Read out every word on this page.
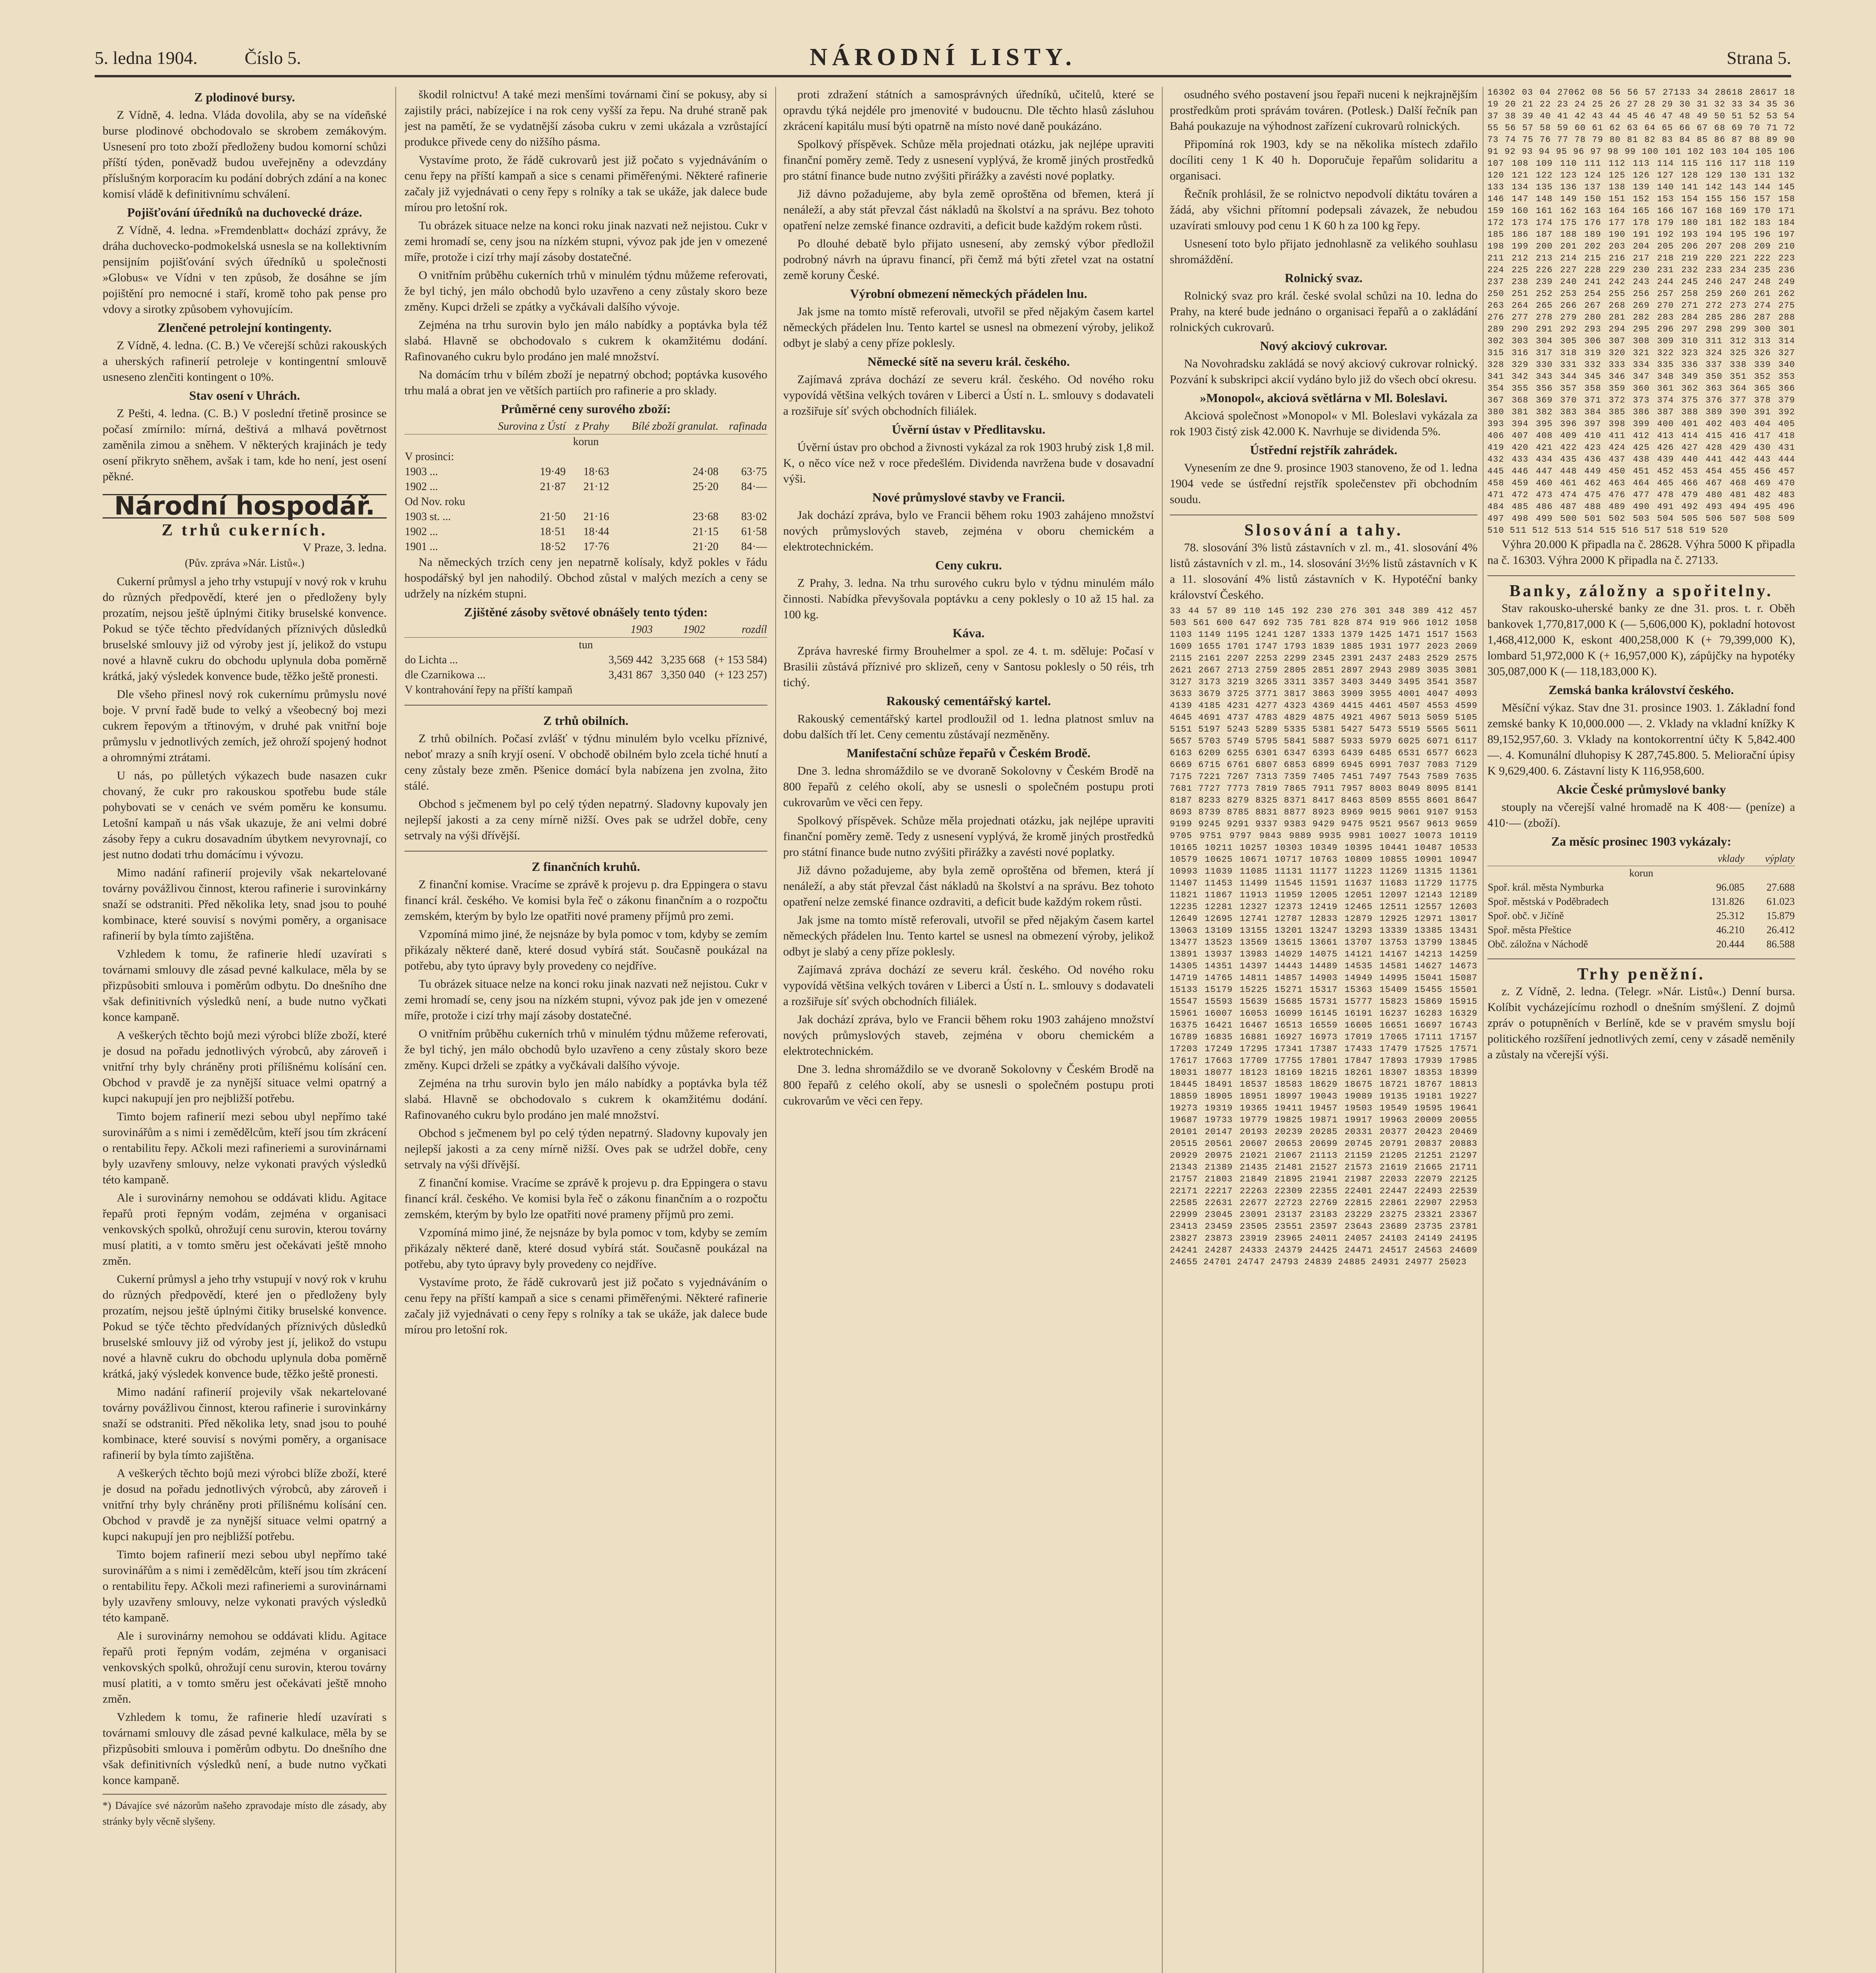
5. ledna 1904.	Číslo 5.	NÁRODNÍ LISTY.	Strana 5.
Z plodinové bursy.

Z Vídně, 4. ledna. Vláda dovolila, aby se na vídeňské burse plodinové obchodovalo se skrobem zemákovým. Usnesení pro toto zboží předloženy budou komorní schůzi příští týden, poněvadž budou uveřejněny a odevzdány příslušným korporacím ku podání dobrých zdání a na konec komisí vládě k definitivnímu schválení.

Pojišťování úředníků na duchovecké dráze.

Z Vídně, 4. ledna. »Fremdenblatt« dochází zprávy, že dráha duchovecko-podmokelská usnesla se na kollektivním pensijním pojišťování svých úředníků u společnosti »Globus« ve Vídni v ten způsob, že dosáhne se jím pojištění pro nemocné i staří, kromě toho pak pense pro vdovy a sirotky způsobem vyhovujícím.

Zlenčené petrolejní kontingenty.

Z Vídně, 4. ledna. (C. B.) Ve včerejší schůzi rakouských a uherských rafinerií petroleje v kontingentní smlouvě usneseno zlenčiti kontingent o 10%.

Stav osení v Uhrách.

Z Pešti, 4. ledna. (C. B.) V poslední třetině prosince se počasí zmírnilo: mírná, deštivá a mlhavá povětrnost zaměnila zimou a sněhem. V některých krajinách je tedy osení přikryto sněhem, avšak i tam, kde ho není, jest osení pěkné.

Národní hospodář.
Z trhů cukerních.
V Praze, 3. ledna.
(Pův. zpráva »Nár. Listů«.)

Cukerní průmysl a jeho trhy vstupují v nový rok v kruhu do různých předpovědí, které jen o předloženy byly prozatím, nejsou ještě úplnými čitiky bruselské konvence. Pokud se týče těchto předvídaných příznivých důsledků bruselské smlouvy již od výroby jest jí, jelikož do vstupu nové a hlavně cukru do obchodu uplynula doba poměrně krátká, jaký výsledek konvence bude, těžko ještě pronesti.

Dle všeho přinesl nový rok cukernímu průmyslu nové boje. V první řadě bude to velký a všeobecný boj mezi cukrem řepovým a třtinovým, v druhé pak vnitřní boje průmyslu v jednotlivých zemích, jež ohroží spojený hodnot a ohromnými ztrátami.

U nás, po půlletých výkazech bude nasazen cukr chovaný, že cukr pro rakouskou spotřebu bude stále pohybovati se v cenách ve svém poměru ke konsumu. Letošní kampaň u nás však ukazuje, že ani velmi dobré zásoby řepy a cukru dosavadním úbytkem nevyrovnají, co jest nutno dodati trhu domácímu i vývozu.

Mimo nadání rafinerií projevily však nekartelované továrny povážlivou činnost, kterou rafinerie i surovinkárny snaží se odstraniti. Před několika lety, snad jsou to pouhé kombinace, které souvisí s novými poměry, a organisace rafinerií by byla tímto zajištěna.

Vzhledem k tomu, že rafinerie hledí uzavírati s továrnami smlouvy dle zásad pevné kalkulace, měla by se přizpůsobiti smlouva i poměrům odbytu. Do dnešního dne však definitivních výsledků není, a bude nutno vyčkati konce kampaně.

A veškerých těchto bojů mezi výrobci blíže zboží, které je dosud na pořadu jednotlivých výrobců, aby zároveň i vnitřní trhy byly chráněny proti přílišnému kolísání cen. Obchod v pravdě je za nynější situace velmi opatrný a kupci nakupují jen pro nejbližší potřebu.

Timto bojem rafinerií mezi sebou ubyl nepřímo také surovinářům a s nimi i zemědělcům, kteří jsou tím zkrácení o rentabilitu řepy. Ačkoli mezi rafineriemi a surovinárnami byly uzavřeny smlouvy, nelze vykonati pravých výsledků této kampaně.

Ale i surovinárny nemohou se oddávati klidu. Agitace řepařů proti řepným vodám, zejména v organisaci venkovských spolků, ohrožují cenu surovin, kterou továrny musí platiti, a v tomto směru jest očekávati ještě mnoho změn.

Cukerní průmysl a jeho trhy vstupují v nový rok v kruhu do různých předpovědí, které jen o předloženy byly prozatím, nejsou ještě úplnými čitiky bruselské konvence. Pokud se týče těchto předvídaných příznivých důsledků bruselské smlouvy již od výroby jest jí, jelikož do vstupu nové a hlavně cukru do obchodu uplynula doba poměrně krátká, jaký výsledek konvence bude, těžko ještě pronesti.

Mimo nadání rafinerií projevily však nekartelované továrny povážlivou činnost, kterou rafinerie i surovinkárny snaží se odstraniti. Před několika lety, snad jsou to pouhé kombinace, které souvisí s novými poměry, a organisace rafinerií by byla tímto zajištěna.

A veškerých těchto bojů mezi výrobci blíže zboží, které je dosud na pořadu jednotlivých výrobců, aby zároveň i vnitřní trhy byly chráněny proti přílišnému kolísání cen. Obchod v pravdě je za nynější situace velmi opatrný a kupci nakupují jen pro nejbližší potřebu.

Timto bojem rafinerií mezi sebou ubyl nepřímo také surovinářům a s nimi i zemědělcům, kteří jsou tím zkrácení o rentabilitu řepy. Ačkoli mezi rafineriemi a surovinárnami byly uzavřeny smlouvy, nelze vykonati pravých výsledků této kampaně.

Ale i surovinárny nemohou se oddávati klidu. Agitace řepařů proti řepným vodám, zejména v organisaci venkovských spolků, ohrožují cenu surovin, kterou továrny musí platiti, a v tomto směru jest očekávati ještě mnoho změn.

Vzhledem k tomu, že rafinerie hledí uzavírati s továrnami smlouvy dle zásad pevné kalkulace, měla by se přizpůsobiti smlouva i poměrům odbytu. Do dnešního dne však definitivních výsledků není, a bude nutno vyčkati konce kampaně.

*) Dávajíce své názorům našeho zpravodaje místo dle zásady, aby stránky byly věcně slyšeny.

škodil rolnictvu! A také mezi menšími továrnami činí se pokusy, aby si zajistily práci, nabízejíce i na rok ceny vyšší za řepu. Na druhé straně pak jest na pamětí, že se vydatnější zásoba cukru v zemi ukázala a vzrůstající produkce přivede ceny do nižšího pásma.

Vystavíme proto, že řádě cukrovarů jest již počato s vyjednáváním o cenu řepy na příští kampaň a sice s cenami přiměřenými. Některé rafinerie začaly již vyjednávati o ceny řepy s rolníky a tak se ukáže, jak dalece bude mírou pro letošní rok.

Tu obrázek situace nelze na konci roku jinak nazvati než nejistou. Cukr v zemi hromadí se, ceny jsou na nízkém stupni, vývoz pak jde jen v omezené míře, protože i cizí trhy mají zásoby dostatečné.

O vnitřním průběhu cukerních trhů v minulém týdnu můžeme referovati, že byl tichý, jen málo obchodů bylo uzavřeno a ceny zůstaly skoro beze změny. Kupci drželi se zpátky a vyčkávali dalšího vývoje.

Zejména na trhu surovin bylo jen málo nabídky a poptávka byla též slabá. Hlavně se obchodovalo s cukrem k okamžitému dodání. Rafinovaného cukru bylo prodáno jen malé množství.

Na domácím trhu v bílém zboží je nepatrný obchod; poptávka kusového trhu malá a obrat jen ve větších partiích pro rafinerie a pro sklady.

Průměrné ceny surového zboží:
	Surovina z Ústí	z Prahy	Bílé zboží granulat.	rafinada
korun				
V prosinci:				
1903 ...	19·49	18·63	24·08	63·75
1902 ...	21·87	21·12	25·20	84·—
Od Nov. roku				
1903 st. ...	21·50	21·16	23·68	83·02
1902 ...	18·51	18·44	21·15	61·58
1901 ...	18·52	17·76	21·20	84·—

Na německých trzích ceny jen nepatrně kolísaly, když pokles v řádu hospodářský byl jen nahodilý. Obchod zůstal v malých mezích a ceny se udržely na nízkém stupni.

Zjištěné zásoby světové obnášely tento týden:
	1903	1902	rozdíl
tun			
do Lichta ...	3,569 442	3,235 668	(+ 153 584)
dle Czarnikowa ...	3,431 867	3,350 040	(+ 123 257)
V kontrahování řepy na příští kampaň			
Z trhů obilních.

Z trhů obilních. Počasí zvlášť v týdnu minulém bylo vcelku příznivé, neboť mrazy a sníh kryjí osení. V obchodě obilném bylo zcela tiché hnutí a ceny zůstaly beze změn. Pšenice domácí byla nabízena jen zvolna, žito stálé.

Obchod s ječmenem byl po celý týden nepatrný. Sladovny kupovaly jen nejlepší jakosti a za ceny mírně nižší. Oves pak se udržel dobře, ceny setrvaly na výši dřívější.

Z finančních kruhů.

Z finanční komise. Vracíme se zprávě k projevu p. dra Eppingera o stavu financí král. českého. Ve komisi byla řeč o zákonu finančním a o rozpočtu zemském, kterým by bylo lze opatřiti nové prameny příjmů pro zemi.

Vzpomíná mimo jiné, že nejsnáze by byla pomoc v tom, kdyby se zemím přikázaly některé daně, které dosud vybírá stát. Současně poukázal na potřebu, aby tyto úpravy byly provedeny co nejdříve.

Tu obrázek situace nelze na konci roku jinak nazvati než nejistou. Cukr v zemi hromadí se, ceny jsou na nízkém stupni, vývoz pak jde jen v omezené míře, protože i cizí trhy mají zásoby dostatečné.

O vnitřním průběhu cukerních trhů v minulém týdnu můžeme referovati, že byl tichý, jen málo obchodů bylo uzavřeno a ceny zůstaly skoro beze změny. Kupci drželi se zpátky a vyčkávali dalšího vývoje.

Zejména na trhu surovin bylo jen málo nabídky a poptávka byla též slabá. Hlavně se obchodovalo s cukrem k okamžitému dodání. Rafinovaného cukru bylo prodáno jen malé množství.

Obchod s ječmenem byl po celý týden nepatrný. Sladovny kupovaly jen nejlepší jakosti a za ceny mírně nižší. Oves pak se udržel dobře, ceny setrvaly na výši dřívější.

Z finanční komise. Vracíme se zprávě k projevu p. dra Eppingera o stavu financí král. českého. Ve komisi byla řeč o zákonu finančním a o rozpočtu zemském, kterým by bylo lze opatřiti nové prameny příjmů pro zemi.

Vzpomíná mimo jiné, že nejsnáze by byla pomoc v tom, kdyby se zemím přikázaly některé daně, které dosud vybírá stát. Současně poukázal na potřebu, aby tyto úpravy byly provedeny co nejdříve.

Vystavíme proto, že řádě cukrovarů jest již počato s vyjednáváním o cenu řepy na příští kampaň a sice s cenami přiměřenými. Některé rafinerie začaly již vyjednávati o ceny řepy s rolníky a tak se ukáže, jak dalece bude mírou pro letošní rok.

proti zdražení státních a samosprávných úředníků, učitelů, které se opravdu týká nejdéle pro jmenovité v budoucnu. Dle těchto hlasů zásluhou zkrácení kapitálu musí býti opatrně na místo nové daně poukázáno.

Spolkový příspěvek. Schůze měla projednati otázku, jak nejlépe upraviti finanční poměry země. Tedy z usnesení vyplývá, že kromě jiných prostředků pro státní finance bude nutno zvýšiti přirážky a zavésti nové poplatky.

Již dávno požadujeme, aby byla země oproštěna od břemen, která jí nenáleží, a aby stát převzal část nákladů na školství a na správu. Bez tohoto opatření nelze zemské finance ozdraviti, a deficit bude každým rokem růsti.

Po dlouhé debatě bylo přijato usnesení, aby zemský výbor předložil podrobný návrh na úpravu financí, při čemž má býti zřetel vzat na ostatní země koruny České.

Výrobní obmezení německých přádelen lnu.

Jak jsme na tomto místě referovali, utvořil se před nějakým časem kartel německých přádelen lnu. Tento kartel se usnesl na obmezení výroby, jelikož odbyt je slabý a ceny příze poklesly.

Německé sítě na severu král. českého.

Zajímavá zpráva dochází ze severu král. českého. Od nového roku vypovídá většina velkých továren v Liberci a Ústí n. L. smlouvy s dodavateli a rozšiřuje síť svých obchodních filiálek.

Úvěrní ústav v Předlitavsku.

Úvěrní ústav pro obchod a živnosti vykázal za rok 1903 hrubý zisk 1,8 mil. K, o něco více než v roce předešlém. Dividenda navržena bude v dosavadní výši.

Nové průmyslové stavby ve Francii.

Jak dochází zpráva, bylo ve Francii během roku 1903 zahájeno množství nových průmyslových staveb, zejména v oboru chemickém a elektrotechnickém.

Ceny cukru.

Z Prahy, 3. ledna. Na trhu surového cukru bylo v týdnu minulém málo činnosti. Nabídka převyšovala poptávku a ceny poklesly o 10 až 15 hal. za 100 kg.

Káva.

Zpráva havreské firmy Brouhelmer a spol. ze 4. t. m. sděluje: Počasí v Brasilii zůstává příznivé pro sklizeň, ceny v Santosu poklesly o 50 réis, trh tichý.

Rakouský cementářský kartel.

Rakouský cementářský kartel prodloužil od 1. ledna platnost smluv na dobu dalších tří let. Ceny cementu zůstávají nezměněny.

Manifestační schůze řepařů v Českém Brodě.

Dne 3. ledna shromáždilo se ve dvoraně Sokolovny v Českém Brodě na 800 řepařů z celého okolí, aby se usnesli o společném postupu proti cukrovarům ve věci cen řepy.

Spolkový příspěvek. Schůze měla projednati otázku, jak nejlépe upraviti finanční poměry země. Tedy z usnesení vyplývá, že kromě jiných prostředků pro státní finance bude nutno zvýšiti přirážky a zavésti nové poplatky.

Již dávno požadujeme, aby byla země oproštěna od břemen, která jí nenáleží, a aby stát převzal část nákladů na školství a na správu. Bez tohoto opatření nelze zemské finance ozdraviti, a deficit bude každým rokem růsti.

Jak jsme na tomto místě referovali, utvořil se před nějakým časem kartel německých přádelen lnu. Tento kartel se usnesl na obmezení výroby, jelikož odbyt je slabý a ceny příze poklesly.

Zajímavá zpráva dochází ze severu král. českého. Od nového roku vypovídá většina velkých továren v Liberci a Ústí n. L. smlouvy s dodavateli a rozšiřuje síť svých obchodních filiálek.

Jak dochází zpráva, bylo ve Francii během roku 1903 zahájeno množství nových průmyslových staveb, zejména v oboru chemickém a elektrotechnickém.

Dne 3. ledna shromáždilo se ve dvoraně Sokolovny v Českém Brodě na 800 řepařů z celého okolí, aby se usnesli o společném postupu proti cukrovarům ve věci cen řepy.

osudného svého postavení jsou řepaři nuceni k nejkrajnějším prostředkům proti správám továren. (Potlesk.) Další řečník pan Bahá poukazuje na výhodnost zařízení cukrovarů rolnických.

Připomíná rok 1903, kdy se na několika místech zdařilo docíliti ceny 1 K 40 h. Doporučuje řepařům solidaritu a organisaci.

Řečník prohlásil, že se rolnictvo nepodvolí diktátu továren a žádá, aby všichni přítomní podepsali závazek, že nebudou uzavírati smlouvy pod cenu 1 K 60 h za 100 kg řepy.

Usnesení toto bylo přijato jednohlasně za velikého souhlasu shromáždění.

Rolnický svaz.

Rolnický svaz pro král. české svolal schůzi na 10. ledna do Prahy, na které bude jednáno o organisaci řepařů a o zakládání rolnických cukrovarů.

Nový akciový cukrovar.

Na Novohradsku zakládá se nový akciový cukrovar rolnický. Pozvání k subskripci akcií vydáno bylo již do všech obcí okresu.

»Monopol«, akciová světlárna v Ml. Boleslavi.

Akciová společnost »Monopol« v Ml. Boleslavi vykázala za rok 1903 čistý zisk 42.000 K. Navrhuje se dividenda 5%.

Ústřední rejstřík zahrádek.

Vynesením ze dne 9. prosince 1903 stanoveno, že od 1. ledna 1904 vede se ústřední rejstřík společenstev při obchodním soudu.

Slosování a tahy.

78. slosování 3% listů zástavních v zl. m., 41. slosování 4% listů zástavních v zl. m., 14. slosování 3½% listů zástavních v K a 11. slosování 4% listů zástavních v K. Hypotéční banky království Českého.

33 44 57 89 110 145 192 230 276 301 348 389 412 457 503 561 600 647 692 735 781 828 874 919 966 1012 1058 1103 1149 1195 1241 1287 1333 1379 1425 1471 1517 1563 1609 1655 1701 1747 1793 1839 1885 1931 1977 2023 2069 2115 2161 2207 2253 2299 2345 2391 2437 2483 2529 2575 2621 2667 2713 2759 2805 2851 2897 2943 2989 3035 3081 3127 3173 3219 3265 3311 3357 3403 3449 3495 3541 3587 3633 3679 3725 3771 3817 3863 3909 3955 4001 4047 4093 4139 4185 4231 4277 4323 4369 4415 4461 4507 4553 4599 4645 4691 4737 4783 4829 4875 4921 4967 5013 5059 5105 5151 5197 5243 5289 5335 5381 5427 5473 5519 5565 5611 5657 5703 5749 5795 5841 5887 5933 5979 6025 6071 6117 6163 6209 6255 6301 6347 6393 6439 6485 6531 6577 6623 6669 6715 6761 6807 6853 6899 6945 6991 7037 7083 7129 7175 7221 7267 7313 7359 7405 7451 7497 7543 7589 7635 7681 7727 7773 7819 7865 7911 7957 8003 8049 8095 8141 8187 8233 8279 8325 8371 8417 8463 8509 8555 8601 8647 8693 8739 8785 8831 8877 8923 8969 9015 9061 9107 9153 9199 9245 9291 9337 9383 9429 9475 9521 9567 9613 9659 9705 9751 9797 9843 9889 9935 9981 10027 10073 10119 10165 10211 10257 10303 10349 10395 10441 10487 10533 10579 10625 10671 10717 10763 10809 10855 10901 10947 10993 11039 11085 11131 11177 11223 11269 11315 11361 11407 11453 11499 11545 11591 11637 11683 11729 11775 11821 11867 11913 11959 12005 12051 12097 12143 12189 12235 12281 12327 12373 12419 12465 12511 12557 12603 12649 12695 12741 12787 12833 12879 12925 12971 13017 13063 13109 13155 13201 13247 13293 13339 13385 13431 13477 13523 13569 13615 13661 13707 13753 13799 13845 13891 13937 13983 14029 14075 14121 14167 14213 14259 14305 14351 14397 14443 14489 14535 14581 14627 14673 14719 14765 14811 14857 14903 14949 14995 15041 15087 15133 15179 15225 15271 15317 15363 15409 15455 15501 15547 15593 15639 15685 15731 15777 15823 15869 15915 15961 16007 16053 16099 16145 16191 16237 16283 16329 16375 16421 16467 16513 16559 16605 16651 16697 16743 16789 16835 16881 16927 16973 17019 17065 17111 17157 17203 17249 17295 17341 17387 17433 17479 17525 17571 17617 17663 17709 17755 17801 17847 17893 17939 17985 18031 18077 18123 18169 18215 18261 18307 18353 18399 18445 18491 18537 18583 18629 18675 18721 18767 18813 18859 18905 18951 18997 19043 19089 19135 19181 19227 19273 19319 19365 19411 19457 19503 19549 19595 19641 19687 19733 19779 19825 19871 19917 19963 20009 20055 20101 20147 20193 20239 20285 20331 20377 20423 20469 20515 20561 20607 20653 20699 20745 20791 20837 20883 20929 20975 21021 21067 21113 21159 21205 21251 21297 21343 21389 21435 21481 21527 21573 21619 21665 21711 21757 21803 21849 21895 21941 21987 22033 22079 22125 22171 22217 22263 22309 22355 22401 22447 22493 22539 22585 22631 22677 22723 22769 22815 22861 22907 22953 22999 23045 23091 23137 23183 23229 23275 23321 23367 23413 23459 23505 23551 23597 23643 23689 23735 23781 23827 23873 23919 23965 24011 24057 24103 24149 24195 24241 24287 24333 24379 24425 24471 24517 24563 24609 24655 24701 24747 24793 24839 24885 24931 24977 25023
16302 03 04 27062 08 56 56 57 27133 34 28618 28617 18 19 20 21 22 23 24 25 26 27 28 29 30 31 32 33 34 35 36 37 38 39 40 41 42 43 44 45 46 47 48 49 50 51 52 53 54 55 56 57 58 59 60 61 62 63 64 65 66 67 68 69 70 71 72 73 74 75 76 77 78 79 80 81 82 83 84 85 86 87 88 89 90 91 92 93 94 95 96 97 98 99 100 101 102 103 104 105 106 107 108 109 110 111 112 113 114 115 116 117 118 119 120 121 122 123 124 125 126 127 128 129 130 131 132 133 134 135 136 137 138 139 140 141 142 143 144 145 146 147 148 149 150 151 152 153 154 155 156 157 158 159 160 161 162 163 164 165 166 167 168 169 170 171 172 173 174 175 176 177 178 179 180 181 182 183 184 185 186 187 188 189 190 191 192 193 194 195 196 197 198 199 200 201 202 203 204 205 206 207 208 209 210 211 212 213 214 215 216 217 218 219 220 221 222 223 224 225 226 227 228 229 230 231 232 233 234 235 236 237 238 239 240 241 242 243 244 245 246 247 248 249 250 251 252 253 254 255 256 257 258 259 260 261 262 263 264 265 266 267 268 269 270 271 272 273 274 275 276 277 278 279 280 281 282 283 284 285 286 287 288 289 290 291 292 293 294 295 296 297 298 299 300 301 302 303 304 305 306 307 308 309 310 311 312 313 314 315 316 317 318 319 320 321 322 323 324 325 326 327 328 329 330 331 332 333 334 335 336 337 338 339 340 341 342 343 344 345 346 347 348 349 350 351 352 353 354 355 356 357 358 359 360 361 362 363 364 365 366 367 368 369 370 371 372 373 374 375 376 377 378 379 380 381 382 383 384 385 386 387 388 389 390 391 392 393 394 395 396 397 398 399 400 401 402 403 404 405 406 407 408 409 410 411 412 413 414 415 416 417 418 419 420 421 422 423 424 425 426 427 428 429 430 431 432 433 434 435 436 437 438 439 440 441 442 443 444 445 446 447 448 449 450 451 452 453 454 455 456 457 458 459 460 461 462 463 464 465 466 467 468 469 470 471 472 473 474 475 476 477 478 479 480 481 482 483 484 485 486 487 488 489 490 491 492 493 494 495 496 497 498 499 500 501 502 503 504 505 506 507 508 509 510 511 512 513 514 515 516 517 518 519 520

Výhra 20.000 K připadla na č. 28628. Výhra 5000 K připadla na č. 16303. Výhra 2000 K připadla na č. 27133.

Banky, záložny a spořitelny.

Stav rakousko-uherské banky ze dne 31. pros. t. r. Oběh bankovek 1,770,817,000 K (— 5,606,000 K), pokladní hotovost 1,468,412,000 K, eskont 400,258,000 K (+ 79,399,000 K), lombard 51,972,000 K (+ 16,957,000 K), zápůjčky na hypotéky 305,087,000 K (— 118,183,000 K).

Zemská banka království českého.

Měsíční výkaz. Stav dne 31. prosince 1903. 1. Základní fond zemské banky K 10,000.000 —. 2. Vklady na vkladní knížky K 89,152,957,60. 3. Vklady na kontokorrentní účty K 5,842.400 —. 4. Komunální dluhopisy K 287,745.800. 5. Meliorační úpisy K 9,629,400. 6. Zástavní listy K 116,958,600.

Akcie České průmyslové banky

stouply na včerejší valné hromadě na K 408·— (peníze) a 410·— (zboží).

Za měsíc prosinec 1903 vykázaly:
	vklady	výplaty
korun		
Spoř. král. města Nymburka	96.085	27.688
Spoř. městská v Poděbradech	131.826	61.023
Spoř. obč. v Jičíně	25.312	15.879
Spoř. města Přeštice	46.210	26.412
Obč. záložna v Náchodě	20.444	86.588
Trhy peněžní.

z. Z Vídně, 2. ledna. (Telegr. »Nár. Listů«.) Denní bursa. Kolíbit vycházejícímu rozhodl o dnešním smýšlení. Z dojmů zpráv o potupněních v Berlíně, kde se v pravém smyslu bojí politického rozšíření jednotlivých zemí, ceny v zásadě neměnily a zůstaly na včerejší výši.
